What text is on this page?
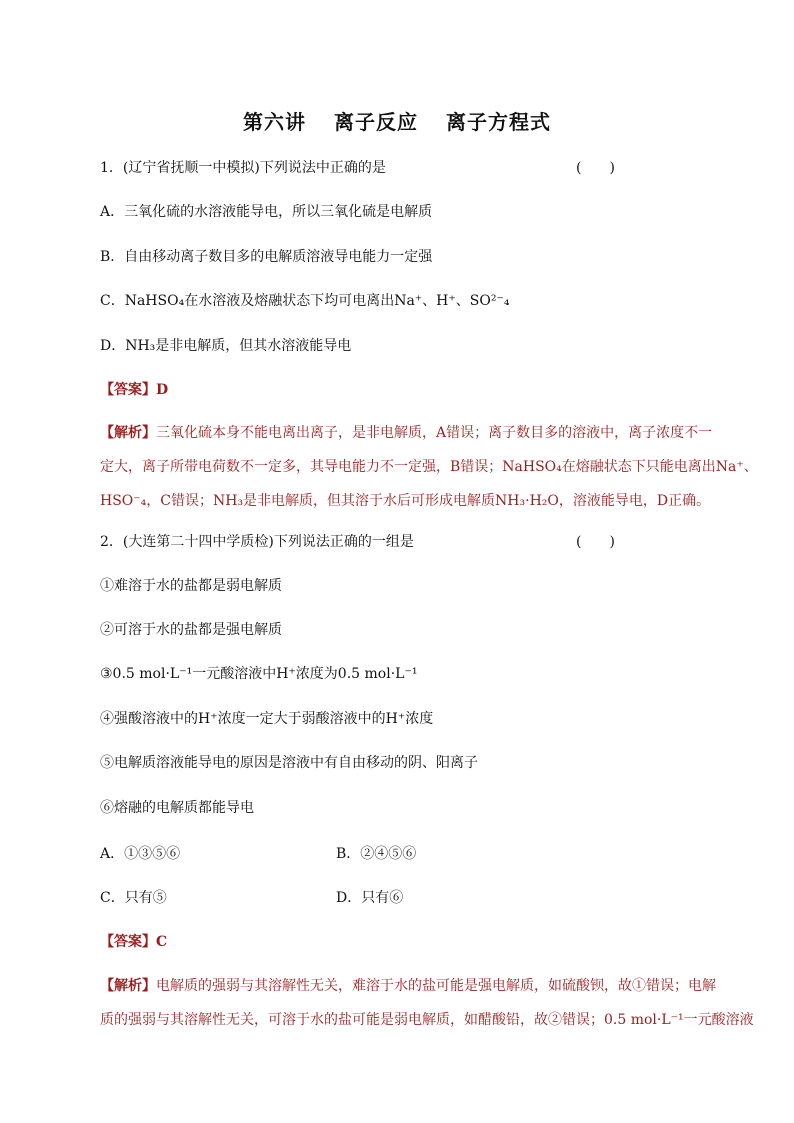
第六讲 离子反应 离子方程式
1．(辽宁省抚顺一中模拟)下列说法中正确的是	(　　)
A．三氧化硫的水溶液能导电，所以三氧化硫是电解质
B．自由移动离子数目多的电解质溶液导电能力一定强
C．NaHSO₄在水溶液及熔融状态下均可电离出Na⁺、H⁺、SO²⁻₄
D．NH₃是非电解质，但其水溶液能导电
【答案】D
【解析】三氧化硫本身不能电离出离子，是非电解质，A错误；离子数目多的溶液中，离子浓度不一
定大，离子所带电荷数不一定多，其导电能力不一定强，B错误；NaHSO₄在熔融状态下只能电离出Na⁺、
HSO⁻₄，C错误；NH₃是非电解质，但其溶于水后可形成电解质NH₃·H₂O，溶液能导电，D正确。
2．(大连第二十四中学质检)下列说法正确的一组是	(　　)
①难溶于水的盐都是弱电解质
②可溶于水的盐都是强电解质
③0.5 mol·L⁻¹一元酸溶液中H⁺浓度为0.5 mol·L⁻¹
④强酸溶液中的H⁺浓度一定大于弱酸溶液中的H⁺浓度
⑤电解质溶液能导电的原因是溶液中有自由移动的阴、阳离子
⑥熔融的电解质都能导电
A．①③⑤⑥	B．②④⑤⑥
C．只有⑤	D．只有⑥
【答案】C
【解析】电解质的强弱与其溶解性无关，难溶于水的盐可能是强电解质，如硫酸钡，故①错误；电解
质的强弱与其溶解性无关，可溶于水的盐可能是弱电解质，如醋酸铅，故②错误；0.5 mol·L⁻¹一元酸溶液
